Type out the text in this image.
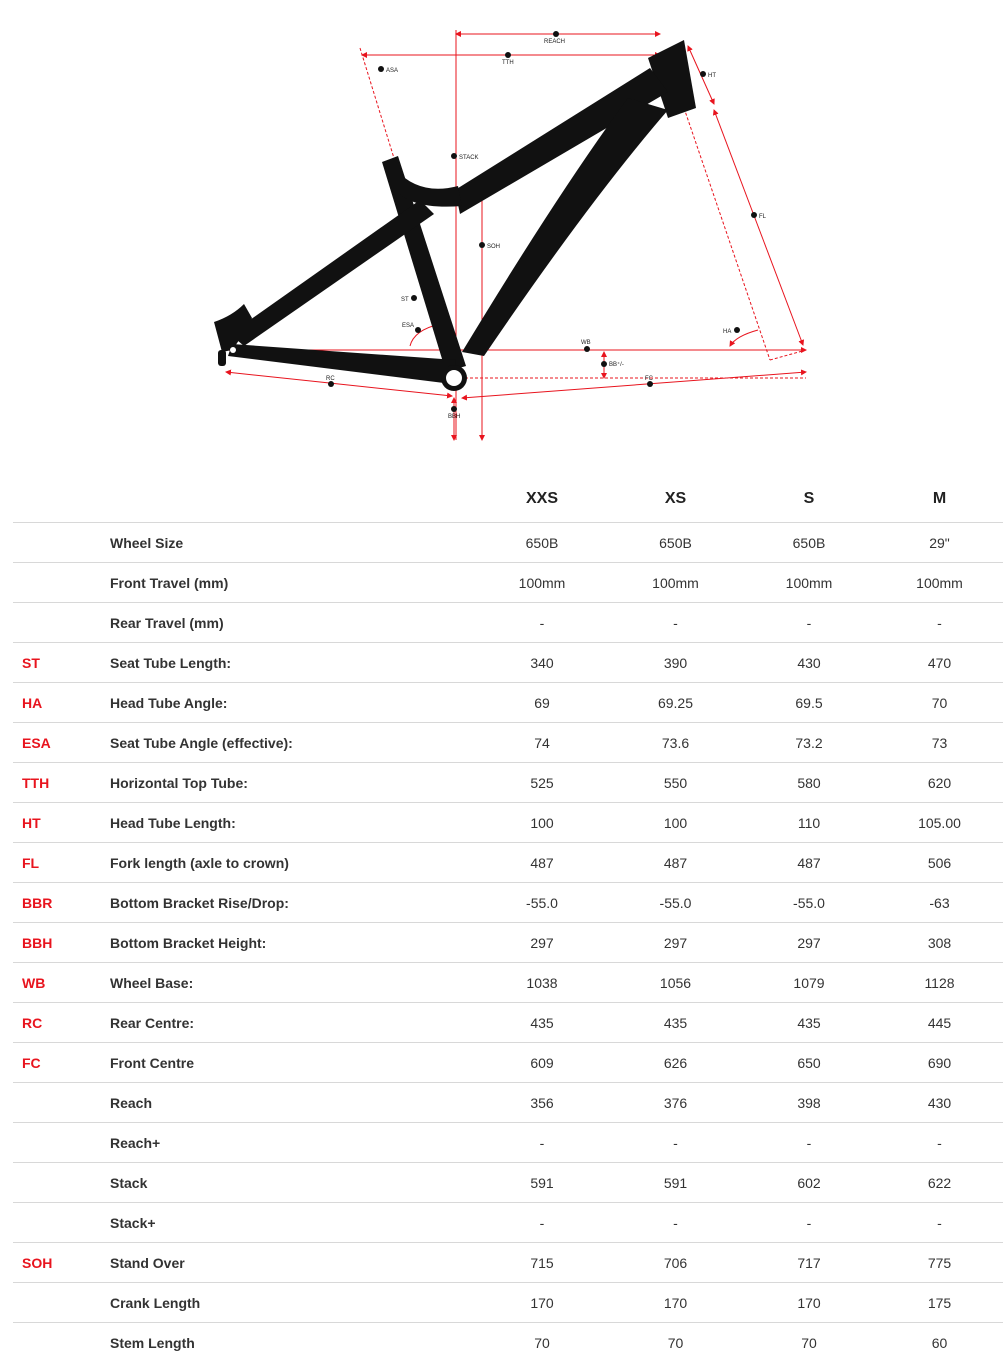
REACH
TTH
ASA
HT
STACK
SOH
FL
ST
ESA
WB
BB⁺/-
HA
RC	FC
BBH
		XXS	XS	S	M
	Wheel Size	650B	650B	650B	29"
	Front Travel (mm)	100mm	100mm	100mm	100mm
	Rear Travel (mm)	-	-	-	-
ST	Seat Tube Length:	340	390	430	470
HA	Head Tube Angle:	69	69.25	69.5	70
ESA	Seat Tube Angle (effective):	74	73.6	73.2	73
TTH	Horizontal Top Tube:	525	550	580	620
HT	Head Tube Length:	100	100	110	105.00
FL	Fork length (axle to crown)	487	487	487	506
BBR	Bottom Bracket Rise/Drop:	-55.0	-55.0	-55.0	-63
BBH	Bottom Bracket Height:	297	297	297	308
WB	Wheel Base:	1038	1056	1079	1128
RC	Rear Centre:	435	435	435	445
FC	Front Centre	609	626	650	690
	Reach	356	376	398	430
	Reach+	-	-	-	-
	Stack	591	591	602	622
	Stack+	-	-	-	-
SOH	Stand Over	715	706	717	775
	Crank Length	170	170	170	175
	Stem Length	70	70	70	60
